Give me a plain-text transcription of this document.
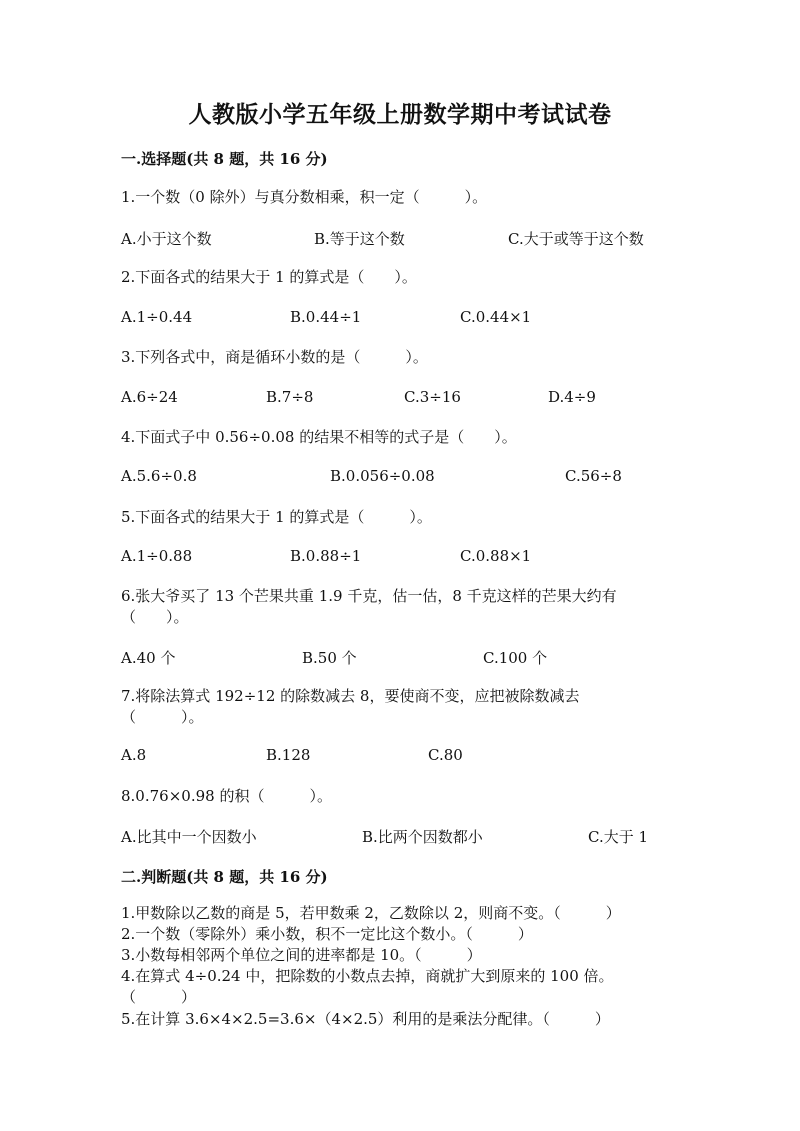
人教版小学五年级上册数学期中考试试卷
一.选择题(共 8 题，共 16 分)
1.一个数（0 除外）与真分数相乘，积一定（　　　）。
A.小于这个数	B.等于这个数	C.大于或等于这个数
2.下面各式的结果大于 1 的算式是（　　）。
A.1÷0.44	B.0.44÷1	C.0.44×1
3.下列各式中，商是循环小数的是（　　　）。
A.6÷24	B.7÷8	C.3÷16	D.4÷9
4.下面式子中 0.56÷0.08 的结果不相等的式子是（　　）。
A.5.6÷0.8	B.0.056÷0.08	C.56÷8
5.下面各式的结果大于 1 的算式是（　　　）。
A.1÷0.88	B.0.88÷1	C.0.88×1
6.张大爷买了 13 个芒果共重 1.9 千克，估一估，8 千克这样的芒果大约有
（　　）。
A.40 个	B.50 个	C.100 个
7.将除法算式 192÷12 的除数减去 8，要使商不变，应把被除数减去
（　　　）。
A.8	B.128	C.80
8.0.76×0.98 的积（　　　）。
A.比其中一个因数小	B.比两个因数都小	C.大于 1
二.判断题(共 8 题，共 16 分)
1.甲数除以乙数的商是 5，若甲数乘 2，乙数除以 2，则商不变。（　　　）
2.一个数（零除外）乘小数，积不一定比这个数小。（　　　）
3.小数每相邻两个单位之间的进率都是 10。（　　　）
4.在算式 4÷0.24 中，把除数的小数点去掉，商就扩大到原来的 100 倍。
（　　　）
5.在计算 3.6×4×2.5=3.6×（4×2.5）利用的是乘法分配律。（　　　）
